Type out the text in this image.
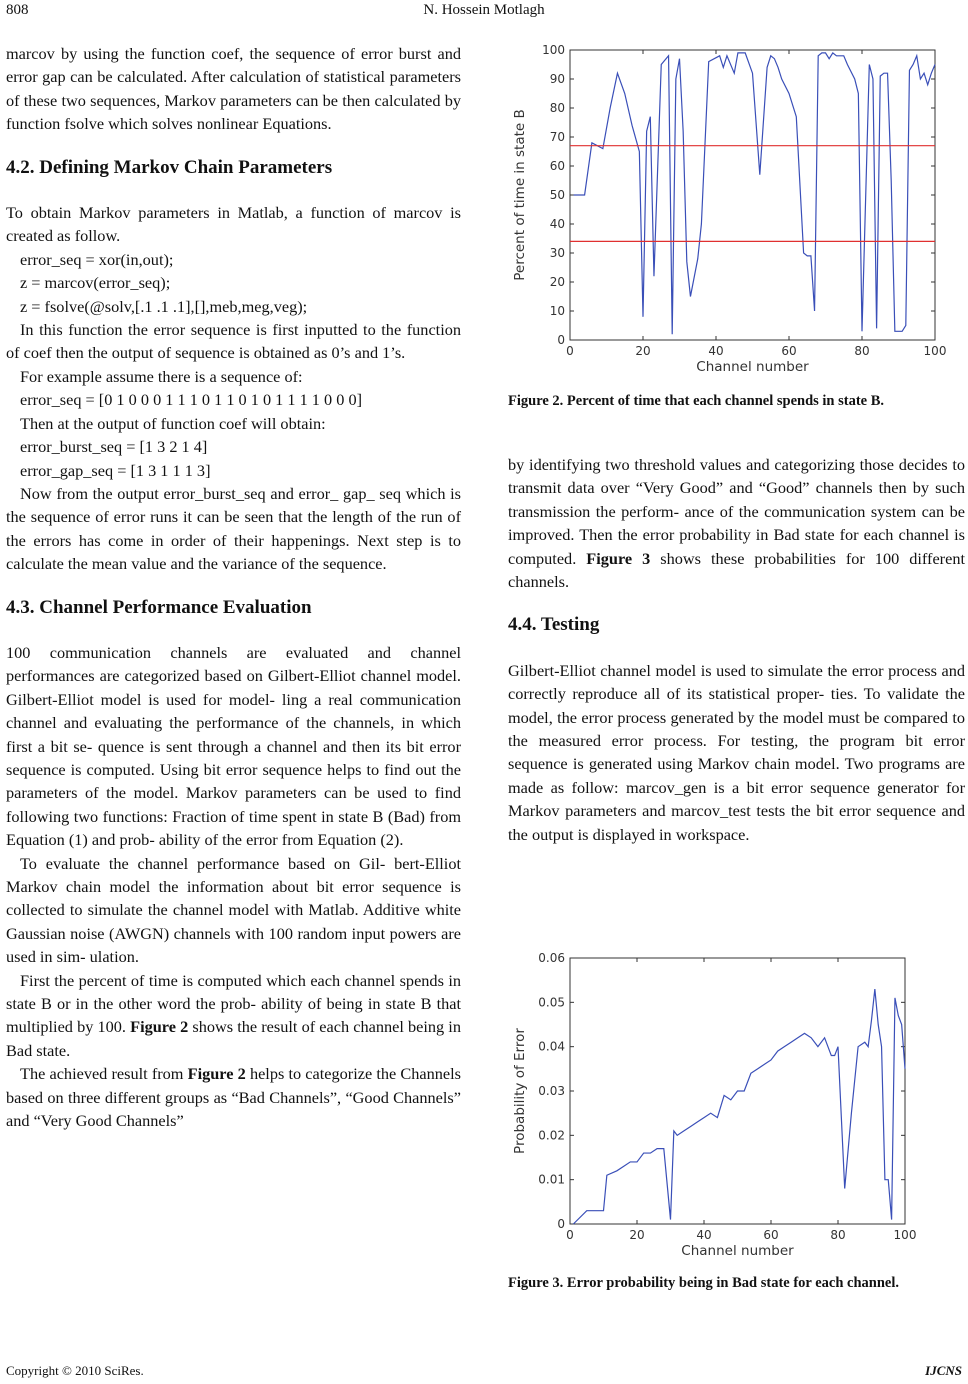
808	N. Hossein Motlagh

marcov by using the function coef, the sequence of error burst and error gap can be calculated. After calculation of statistical parameters of these two sequences, Markov parameters can be then calculated by function fsolve which solves nonlinear Equations.

4.2. Defining Markov Chain Parameters

To obtain Markov parameters in Matlab, a function of marcov is created as follow.

error_seq = xor(in,out);

z = marcov(error_seq);

z = fsolve(@solv,[.1 .1 .1],[],meb,meg,veg);

In this function the error sequence is first inputted to the function of coef then the output of sequence is obtained as 0’s and 1’s.

For example assume there is a sequence of:

error_seq = [0 1 0 0 0 1 1 1 0 1 1 0 1 0 1 1 1 1 0 0 0]

Then at the output of function coef will obtain:

error_burst_seq = [1 3 2 1 4]

error_gap_seq = [1 3 1 1 1 3]

Now from the output error_burst_seq and error_ gap_ seq which is the sequence of error runs it can be seen that the length of the run of the errors has come in order of their happenings. Next step is to calculate the mean value and the variance of the sequence.

4.3. Channel Performance Evaluation

100 communication channels are evaluated and channel performances are categorized based on Gilbert-Elliot channel model. Gilbert-Elliot model is used for model- ling a real communication channel and evaluating the performance of the channels, in which first a bit se- quence is sent through a channel and then its bit error sequence is computed. Using bit error sequence helps to find out the parameters of the model. Markov parameters can be used to find following two functions: Fraction of time spent in state B (Bad) from Equation (1) and prob- ability of the error from Equation (2).

To evaluate the channel performance based on Gil- bert-Elliot Markov chain model the information about bit error sequence is collected to simulate the channel model with Matlab. Additive white Gaussian noise (AWGN) channels with 100 random input powers are used in sim- ulation.

First the percent of time is computed which each channel spends in state B or in the other word the prob- ability of being in state B that multiplied by 100. Figure 2 shows the result of each channel being in Bad state.

The achieved result from Figure 2 helps to categorize the Channels based on three different groups as “Bad Channels”, “Good Channels” and “Very Good Channels”

0
10
20
30
40
50
60
70
80
90
100
0	20	40	60	80	100
Channel number
Percent of time in state B
Figure 2. Percent of time that each channel spends in state B.

by identifying two threshold values and categorizing those decides to transmit data over “Very Good” and “Good” channels then by such transmission the perform- ance of the communication system can be improved. Then the error probability in Bad state for each channel is computed. Figure 3 shows these probabilities for 100 different channels.

4.4. Testing

Gilbert-Elliot channel model is used to simulate the error process and correctly reproduce all of its statistical proper- ties. To validate the model, the error process generated by the model must be compared to the measured error process. For testing, the program bit error sequence is generated using Markov chain model. Two programs are made as follow: marcov_gen is a bit error sequence generator for Markov parameters and marcov_test tests the bit error sequence and the output is displayed in workspace.

0
0.01
0.02
0.03
0.04
0.05
0.06
0	20	40	60	80	100
Channel number
Probability of Error
Figure 3. Error probability being in Bad state for each channel.
Copyright © 2010 SciRes.	IJCNS
